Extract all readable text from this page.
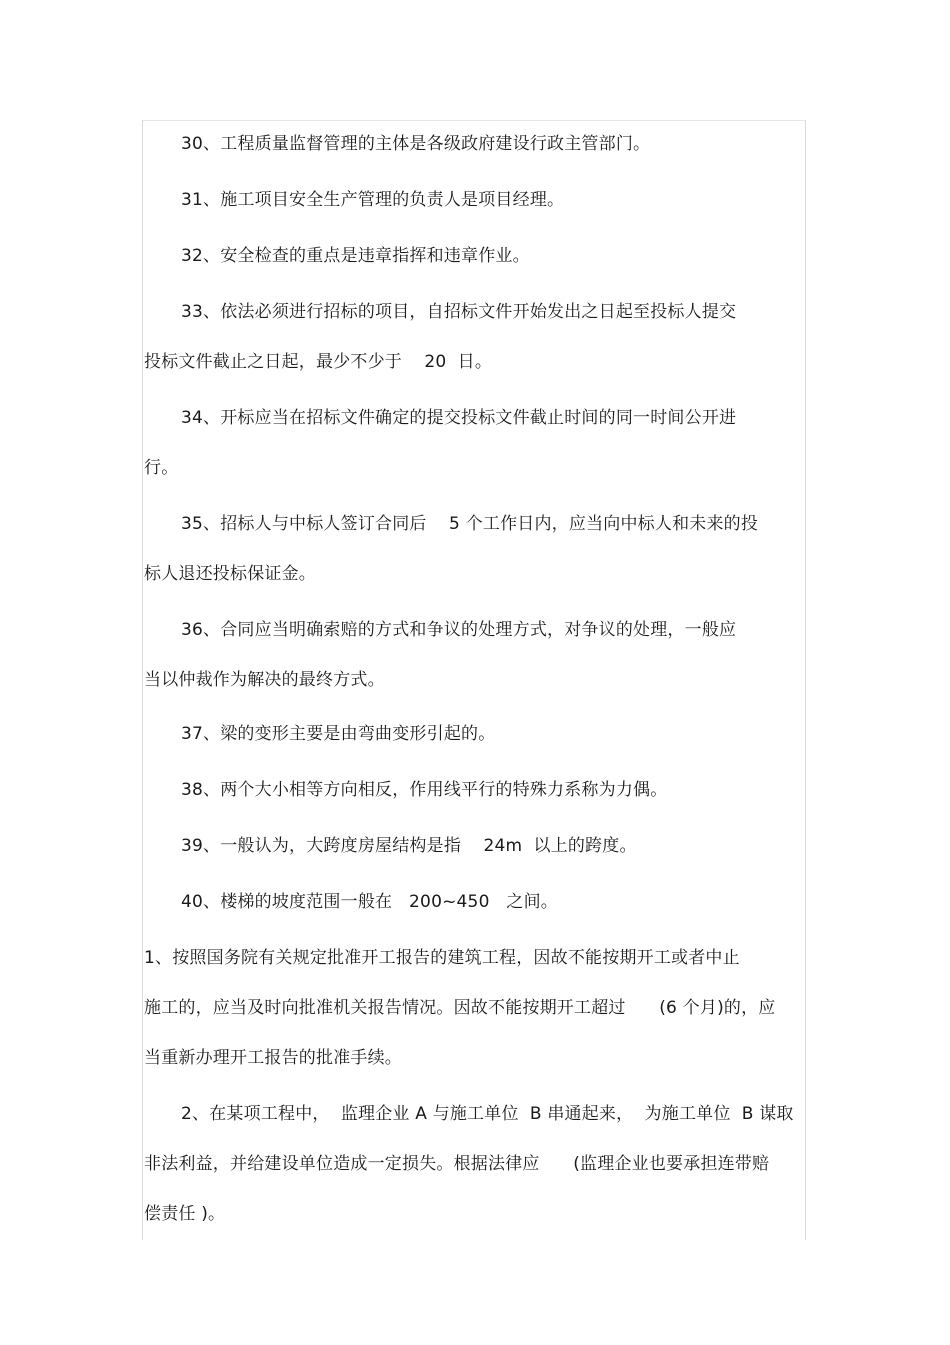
30、工程质量监督管理的主体是各级政府建设行政主管部门。
31、施工项目安全生产管理的负责人是项目经理。
32、安全检查的重点是违章指挥和违章作业。
33、依法必须进行招标的项目，自招标文件开始发出之日起至投标人提交
投标文件截止之日起，最少不少于    20  日。
34、开标应当在招标文件确定的提交投标文件截止时间的同一时间公开进
行。
35、招标人与中标人签订合同后    5 个工作日内，应当向中标人和未来的投
标人退还投标保证金。
36、合同应当明确索赔的方式和争议的处理方式，对争议的处理，一般应
当以仲裁作为解决的最终方式。
37、梁的变形主要是由弯曲变形引起的。
38、两个大小相等方向相反，作用线平行的特殊力系称为力偶。
39、一般认为，大跨度房屋结构是指    24m  以上的跨度。
40、楼梯的坡度范围一般在   200~450   之间。
1、按照国务院有关规定批准开工报告的建筑工程，因故不能按期开工或者中止
施工的，应当及时向批准机关报告情况。因故不能按期开工超过      (6 个月)的，应
当重新办理开工报告的批准手续。
2、在某项工程中，  监理企业 A 与施工单位  B 串通起来，  为施工单位  B 谋取
非法利益，并给建设单位造成一定损失。根据法律应      (监理企业也要承担连带赔
偿责任 )。
